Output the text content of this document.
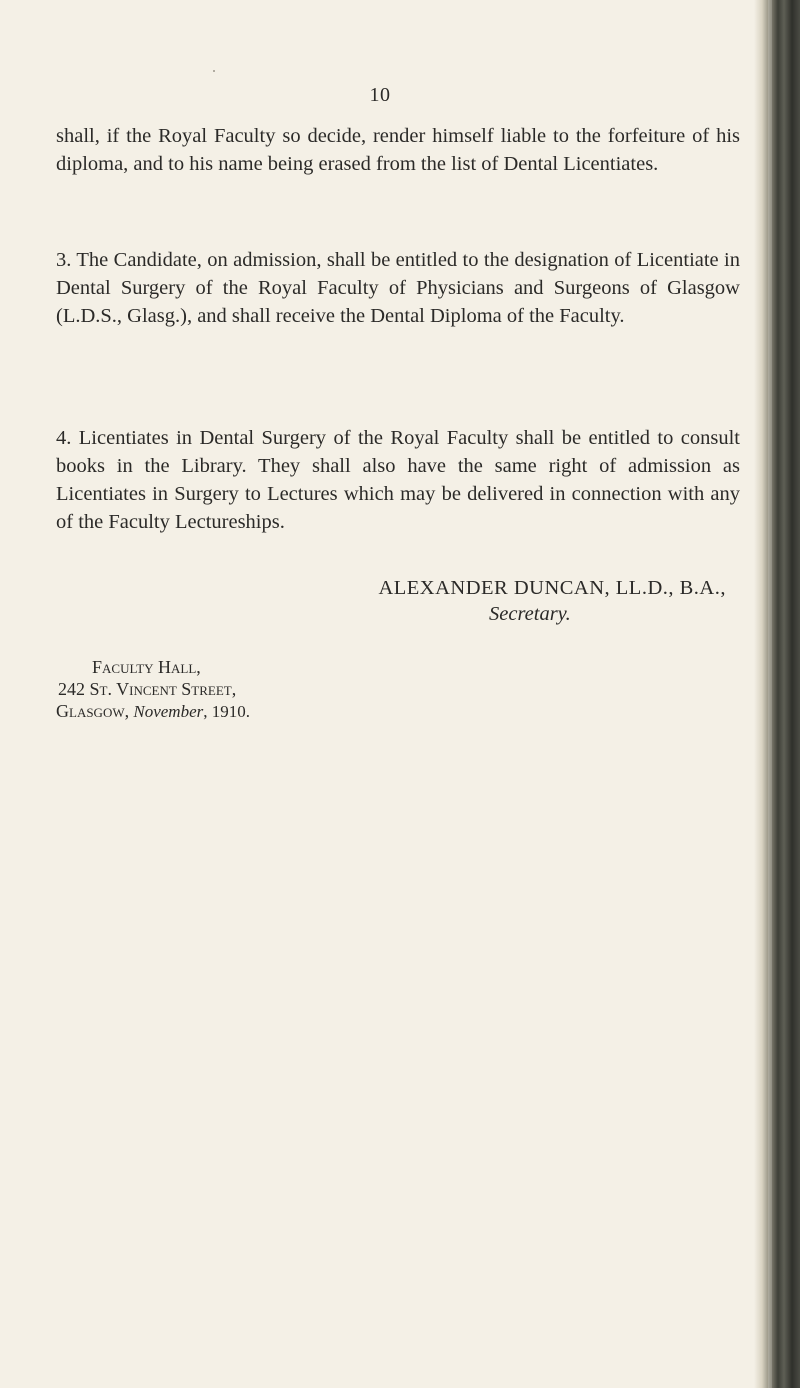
10

shall, if the Royal Faculty so decide, render himself liable to the forfeiture of his diploma, and to his name being erased from the list of Dental Licentiates.

3. The Candidate, on admission, shall be entitled to the designation of Licentiate in Dental Surgery of the Royal Faculty of Physicians and Surgeons of Glasgow (L.D.S., Glasg.), and shall receive the Dental Diploma of the Faculty.

4. Licentiates in Dental Surgery of the Royal Faculty shall be entitled to consult books in the Library. They shall also have the same right of admission as Licentiates in Surgery to Lectures which may be delivered in connection with any of the Faculty Lectureships.

ALEXANDER DUNCAN, LL.D., B.A.,
Secretary.
Faculty Hall,
242 St. Vincent Street,
Glasgow, November, 1910.
